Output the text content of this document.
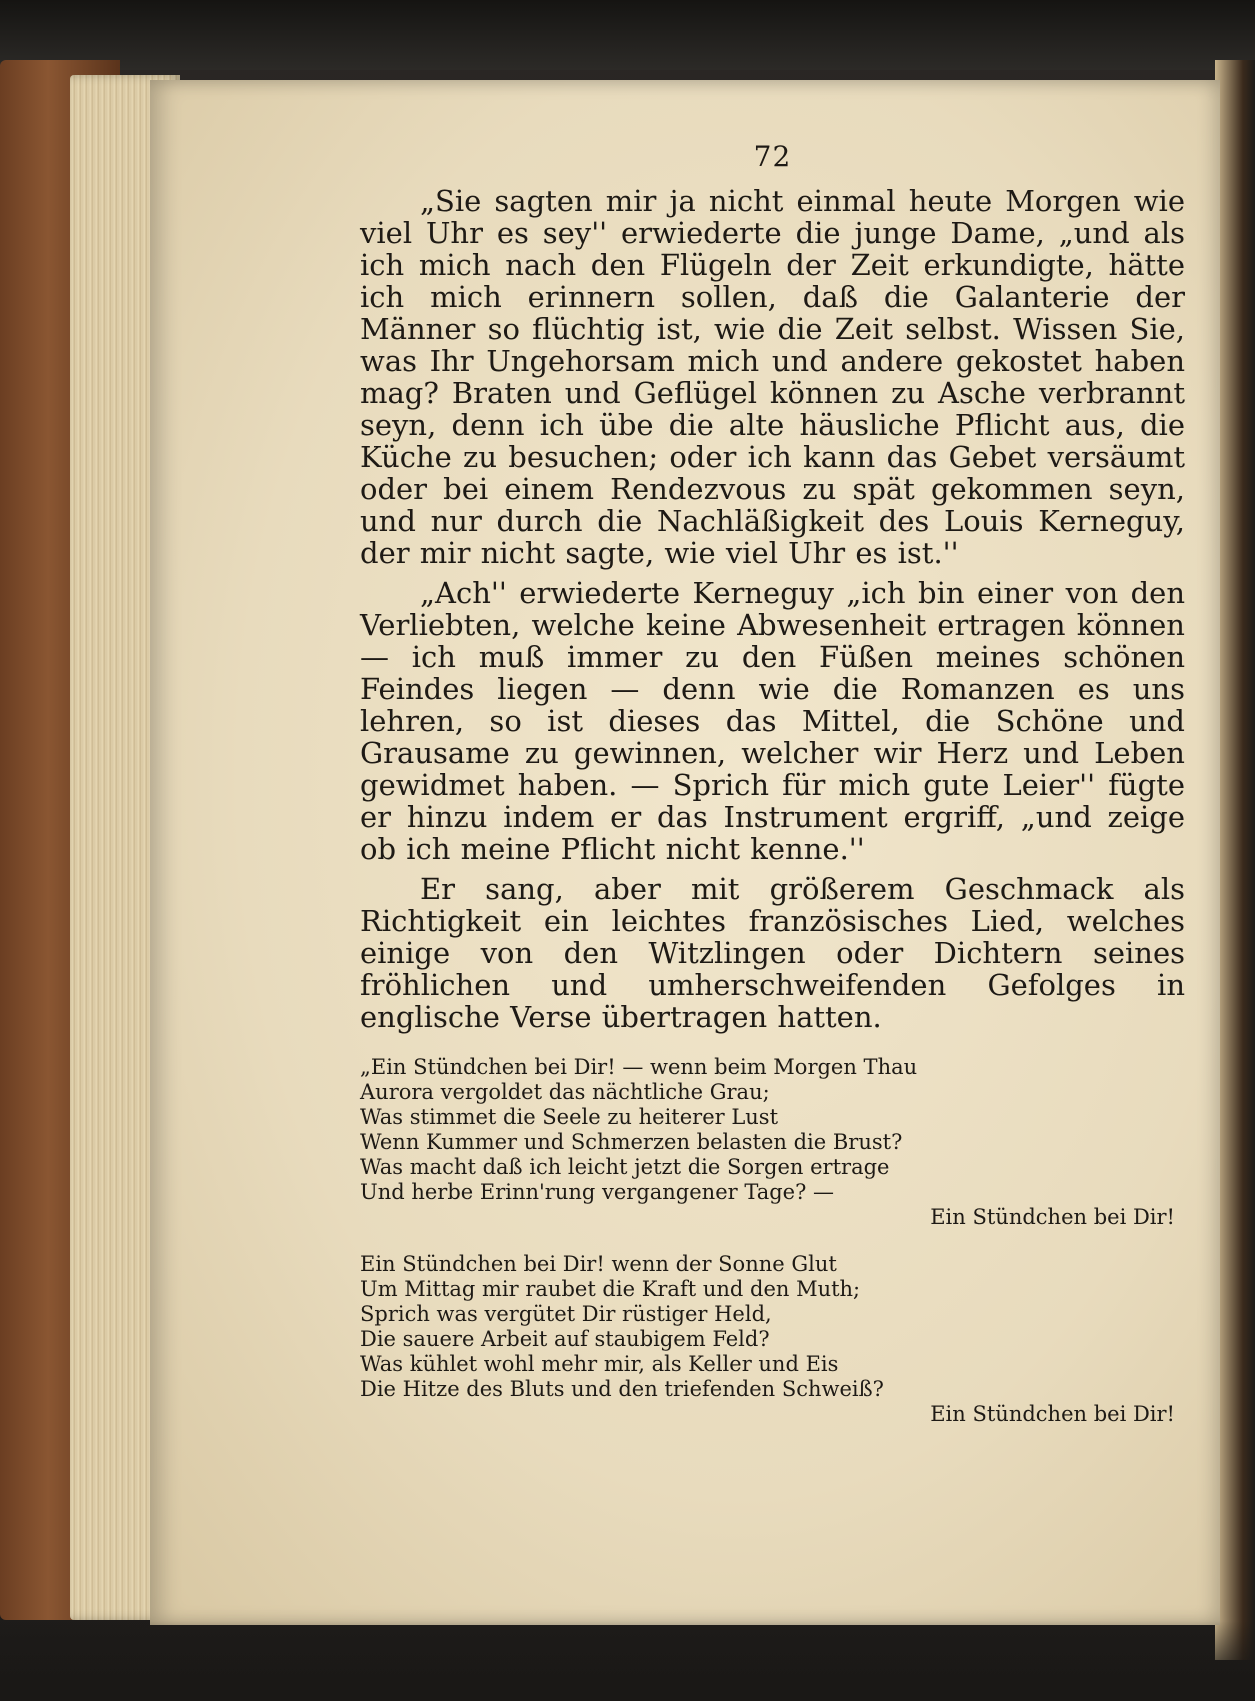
72

„Sie sagten mir ja nicht einmal heute Morgen wie viel Uhr es sey'' erwiederte die junge Dame, „und als ich mich nach den Flügeln der Zeit erkundigte, hätte ich mich erinnern sollen, daß die Galanterie der Männer so flüchtig ist, wie die Zeit selbst. Wissen Sie, was Ihr Ungehorsam mich und andere gekostet haben mag? Braten und Geflügel können zu Asche verbrannt seyn, denn ich übe die alte häusliche Pflicht aus, die Küche zu besuchen; oder ich kann das Gebet versäumt oder bei einem Rendezvous zu spät gekommen seyn, und nur durch die Nachläßigkeit des Louis Kerneguy, der mir nicht sagte, wie viel Uhr es ist.''

„Ach'' erwiederte Kerneguy „ich bin einer von den Verliebten, welche keine Abwesenheit ertragen können — ich muß immer zu den Füßen meines schönen Feindes liegen — denn wie die Romanzen es uns lehren, so ist dieses das Mittel, die Schöne und Grausame zu gewinnen, welcher wir Herz und Leben gewidmet haben. — Sprich für mich gute Leier'' fügte er hinzu indem er das Instrument ergriff, „und zeige ob ich meine Pflicht nicht kenne.''

Er sang, aber mit größerem Geschmack als Richtigkeit ein leichtes französisches Lied, welches einige von den Witzlingen oder Dichtern seines fröhlichen und umherschweifenden Gefolges in englische Verse übertragen hatten.

„Ein Stündchen bei Dir! — wenn beim Morgen Thau
Aurora vergoldet das nächtliche Grau;
Was stimmet die Seele zu heiterer Lust
Wenn Kummer und Schmerzen belasten die Brust?
Was macht daß ich leicht jetzt die Sorgen ertrage
Und herbe Erinn'rung vergangener Tage? —
Ein Stündchen bei Dir!
Ein Stündchen bei Dir! wenn der Sonne Glut
Um Mittag mir raubet die Kraft und den Muth;
Sprich was vergütet Dir rüstiger Held,
Die sauere Arbeit auf staubigem Feld?
Was kühlet wohl mehr mir, als Keller und Eis
Die Hitze des Bluts und den triefenden Schweiß?
Ein Stündchen bei Dir!
